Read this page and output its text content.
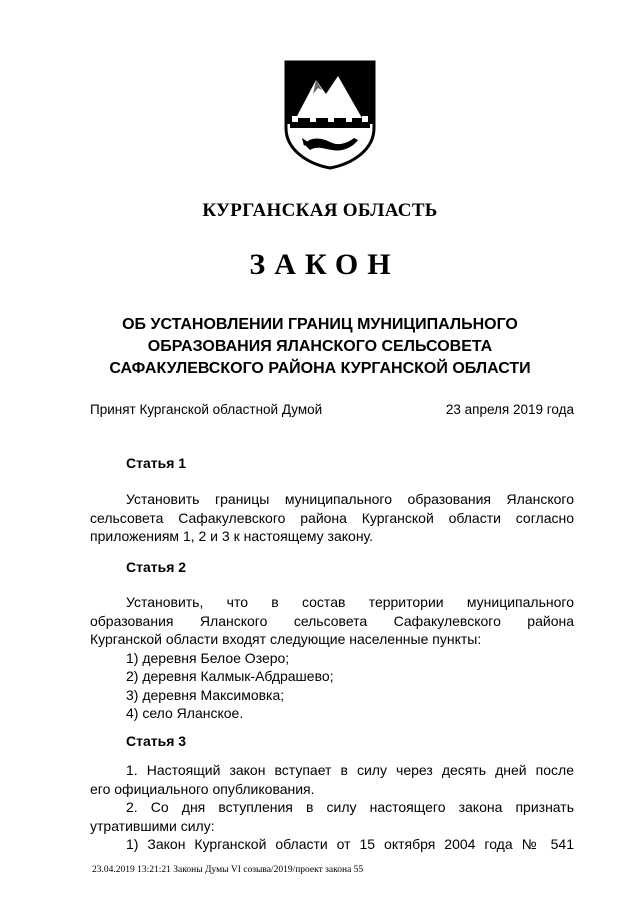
КУРГАНСКАЯ ОБЛАСТЬ
ЗАКОН
ОБ УСТАНОВЛЕНИИ ГРАНИЦ МУНИЦИПАЛЬНОГО
ОБРАЗОВАНИЯ ЯЛАНСКОГО СЕЛЬСОВЕТА
САФАКУЛЕВСКОГО РАЙОНА КУРГАНСКОЙ ОБЛАСТИ
Принят Курганской областной Думой	23 апреля 2019 года
Статья 1
Установить границы муниципального образования Яланского
сельсовета Сафакулевского района Курганской области согласно
приложениям 1, 2 и 3 к настоящему закону.
Статья 2
Установить, что в состав территории муниципального
образования Яланского сельсовета Сафакулевского района
Курганской области входят следующие населенные пункты:
1) деревня Белое Озеро;
2) деревня Калмык-Абдрашево;
3) деревня Максимовка;
4) село Яланское.
Статья 3
1. Настоящий закон вступает в силу через десять дней после
его официального опубликования.
2. Со дня вступления в силу настоящего закона признать
утратившими силу:
1) Закон Курганской области от 15 октября 2004 года № 541
23.04.2019 13:21:21 Законы Думы VI созыва/2019/проект закона 55
